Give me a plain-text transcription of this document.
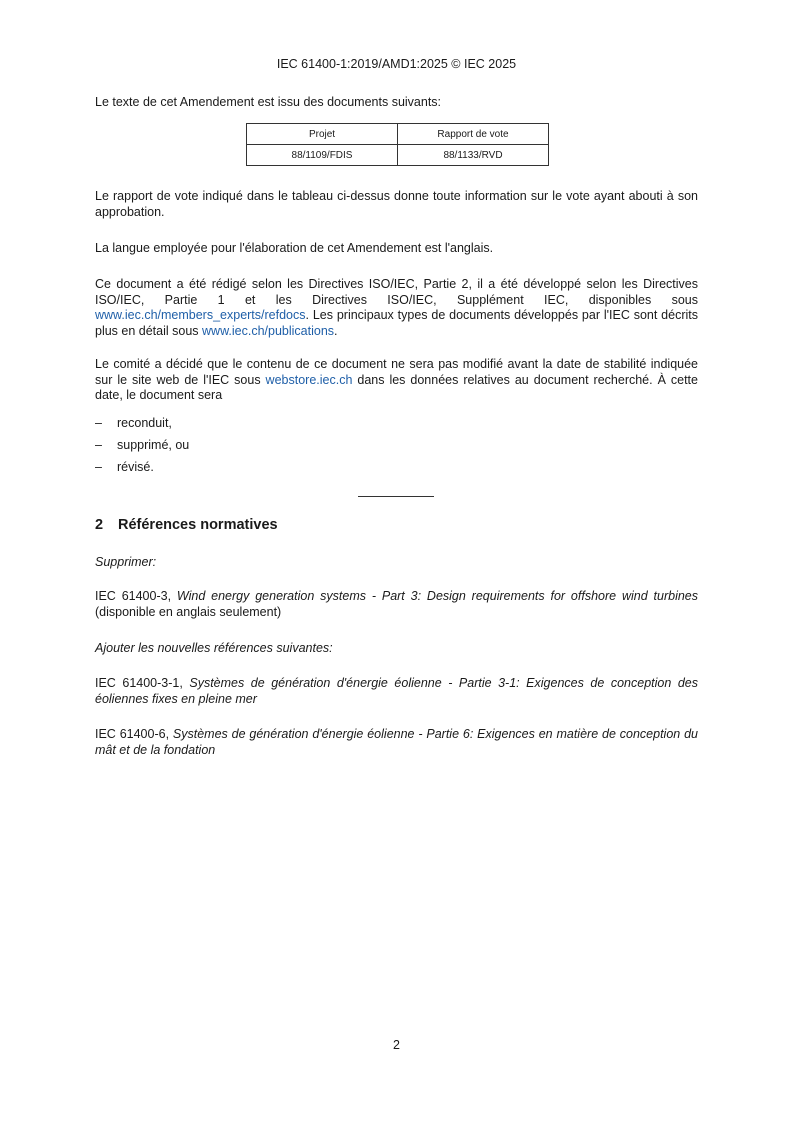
IEC 61400-1:2019/AMD1:2025 © IEC 2025

Le texte de cet Amendement est issu des documents suivants:

Projet	Rapport de vote
88/1109/FDIS	88/1133/RVD

Le rapport de vote indiqué dans le tableau ci-dessus donne toute information sur le vote ayant abouti à son approbation.

La langue employée pour l'élaboration de cet Amendement est l'anglais.

Ce document a été rédigé selon les Directives ISO/IEC, Partie 2, il a été développé selon les Directives ISO/IEC, Partie 1 et les Directives ISO/IEC, Supplément IEC, disponibles sous www.iec.ch/members_experts/refdocs. Les principaux types de documents développés par l'IEC sont décrits plus en détail sous www.iec.ch/publications.

Le comité a décidé que le contenu de ce document ne sera pas modifié avant la date de stabilité indiquée sur le site web de l'IEC sous webstore.iec.ch dans les données relatives au document recherché. À cette date, le document sera

– reconduit,
– supprimé, ou
– révisé.
2 Références normatives

Supprimer:

IEC 61400-3, Wind energy generation systems - Part 3: Design requirements for offshore wind turbines (disponible en anglais seulement)

Ajouter les nouvelles références suivantes:

IEC 61400-3-1, Systèmes de génération d'énergie éolienne - Partie 3-1: Exigences de conception des éoliennes fixes en pleine mer

IEC 61400-6, Systèmes de génération d'énergie éolienne - Partie 6: Exigences en matière de conception du mât et de la fondation

2
